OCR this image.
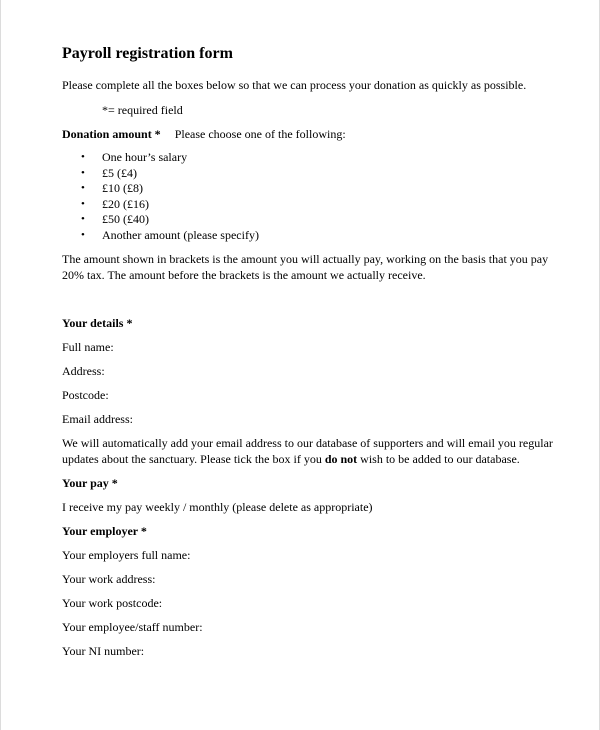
Payroll registration form

Please complete all the boxes below so that we can process your donation as quickly as possible.

*= required field

Donation amount * Please choose one of the following:

• One hour’s salary
• £5 (£4)
• £10 (£8)
• £20 (£16)
• £50 (£40)
• Another amount (please specify)

The amount shown in brackets is the amount you will actually pay, working on the basis that you pay 20% tax. The amount before the brackets is the amount we actually receive.

Your details *

Full name:

Address:

Postcode:

Email address:

We will automatically add your email address to our database of supporters and will email you regular updates about the sanctuary. Please tick the box if you do not wish to be added to our database.

Your pay *

I receive my pay weekly / monthly (please delete as appropriate)

Your employer *

Your employers full name:

Your work address:

Your work postcode:

Your employee/staff number:

Your NI number:
